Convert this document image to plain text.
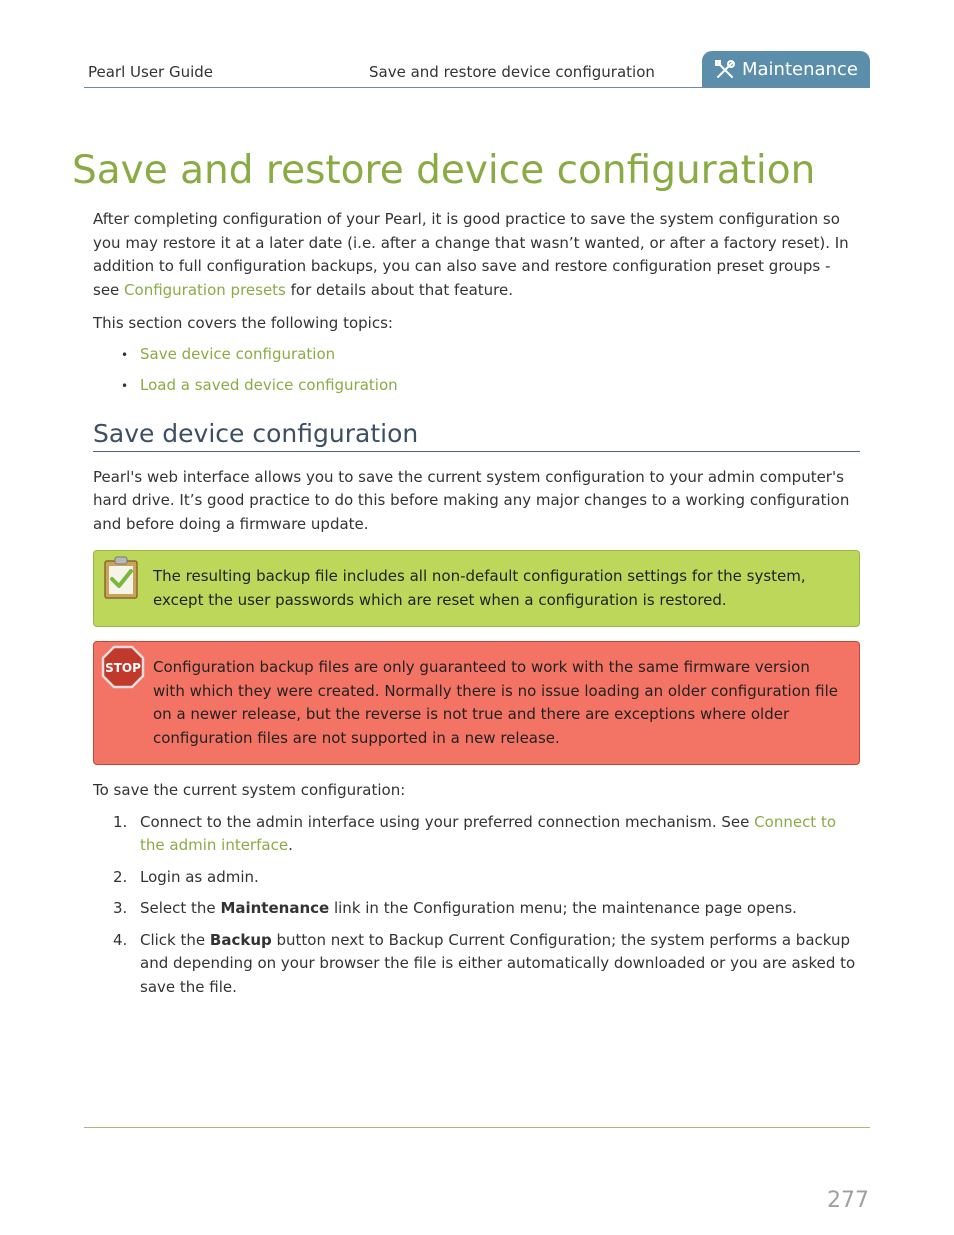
Pearl User Guide	Save and restore device configuration	Maintenance
Save and restore device configuration

After completing configuration of your Pearl, it is good practice to save the system configuration so you may restore it at a later date (i.e. after a change that wasn’t wanted, or after a factory reset). In addition to full configuration backups, you can also save and restore configuration preset groups - see Configuration presets for details about that feature.

This section covers the following topics:

• Save device configuration
• Load a saved device configuration
Save device configuration

Pearl's web interface allows you to save the current system configuration to your admin computer's hard drive. It’s good practice to do this before making any major changes to a working configuration and before doing a firmware update.

The resulting backup file includes all non-default configuration settings for the system, except the user passwords which are reset when a configuration is restored.
STOP Configuration backup files are only guaranteed to work with the same firmware version with which they were created. Normally there is no issue loading an older configuration file on a newer release, but the reverse is not true and there are exceptions where older configuration files are not supported in a new release.

To save the current system configuration:

1. Connect to the admin interface using your preferred connection mechanism. See Connect to the admin interface.
2. Login as admin.
3. Select the Maintenance link in the Configuration menu; the maintenance page opens.
4. Click the Backup button next to Backup Current Configuration; the system performs a backup and depending on your browser the file is either automatically downloaded or you are asked to save the file.
277
